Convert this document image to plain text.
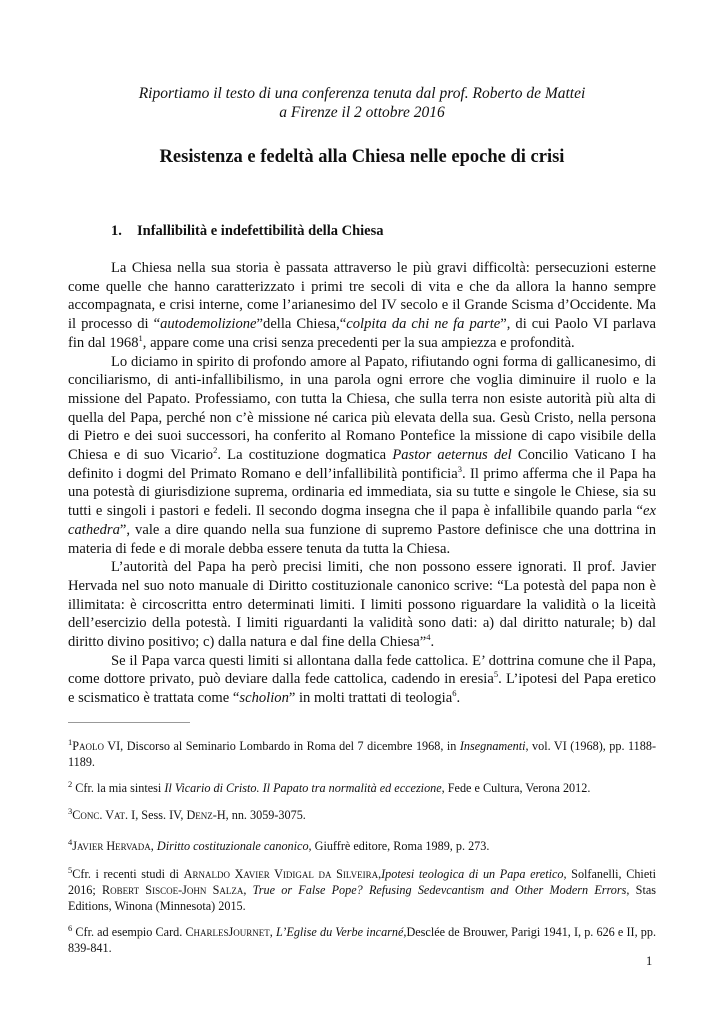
Riportiamo il testo di una conferenza tenuta dal prof. Roberto de Mattei
a Firenze il 2 ottobre 2016
Resistenza e fedeltà alla Chiesa nelle epoche di crisi
1. Infallibilità e indefettibilità della Chiesa

La Chiesa nella sua storia è passata attraverso le più gravi difficoltà: persecuzioni esterne come quelle che hanno caratterizzato i primi tre secoli di vita e che da allora la hanno sempre accompagnata, e crisi interne, come l’arianesimo del IV secolo e il Grande Scisma d’Occidente. Ma il processo di “autodemolizione”della Chiesa,“colpita da chi ne fa parte”, di cui Paolo VI parlava fin dal 1968$^1$, appare come una crisi senza precedenti per la sua ampiezza e profondità.

Lo diciamo in spirito di profondo amore al Papato, rifiutando ogni forma di gallicanesimo, di conciliarismo, di anti-infallibilismo, in una parola ogni errore che voglia diminuire il ruolo e la missione del Papato. Professiamo, con tutta la Chiesa, che sulla terra non esiste autorità più alta di quella del Papa, perché non c’è missione né carica più elevata della sua. Gesù Cristo, nella persona di Pietro e dei suoi successori, ha conferito al Romano Pontefice la missione di capo visibile della Chiesa e di suo Vicario$^2$. La costituzione dogmatica Pastor aeternus del Concilio Vaticano I ha definito i dogmi del Primato Romano e dell’infallibilità pontificia$^3$. Il primo afferma che il Papa ha una potestà di giurisdizione suprema, ordinaria ed immediata, sia su tutte e singole le Chiese, sia su tutti e singoli i pastori e fedeli. Il secondo dogma insegna che il papa è infallibile quando parla “ex cathedra”, vale a dire quando nella sua funzione di supremo Pastore definisce che una dottrina in materia di fede e di morale debba essere tenuta da tutta la Chiesa.

L’autorità del Papa ha però precisi limiti, che non possono essere ignorati. Il prof. Javier Hervada nel suo noto manuale di Diritto costituzionale canonico scrive: “La potestà del papa non è illimitata: è circoscritta entro determinati limiti. I limiti possono riguardare la validità o la liceità dell’esercizio della potestà. I limiti riguardanti la validità sono dati: a) dal diritto naturale; b) dal diritto divino positivo; c) dalla natura e dal fine della Chiesa”$^4$.

Se il Papa varca questi limiti si allontana dalla fede cattolica. E’ dottrina comune che il Papa, come dottore privato, può deviare dalla fede cattolica, cadendo in eresia$^5$. L’ipotesi del Papa eretico e scismatico è trattata come “scholion” in molti trattati di teologia$^6$.

$^1$Paolo VI, Discorso al Seminario Lombardo in Roma del 7 dicembre 1968, in Insegnamenti, vol. VI (1968), pp. 1188-1189.
$^2$ Cfr. la mia sintesi Il Vicario di Cristo. Il Papato tra normalità ed eccezione, Fede e Cultura, Verona 2012.
$^3$Conc. Vat. I, Sess. IV, Denz-H, nn. 3059-3075.
$^4$Javier Hervada, Diritto costituzionale canonico, Giuffrè editore, Roma 1989, p. 273.
$^5$Cfr. i recenti studi di Arnaldo Xavier Vidigal da Silveira,Ipotesi teologica di un Papa eretico, Solfanelli, Chieti 2016; Robert Siscoe-John Salza, True or False Pope? Refusing Sedevcantism and Other Modern Errors, Stas Editions, Winona (Minnesota) 2015.
$^6$ Cfr. ad esempio Card. CharlesJournet, L’Eglise du Verbe incarné,Desclée de Brouwer, Parigi 1941, I, p. 626 e II, pp. 839-841.
1
